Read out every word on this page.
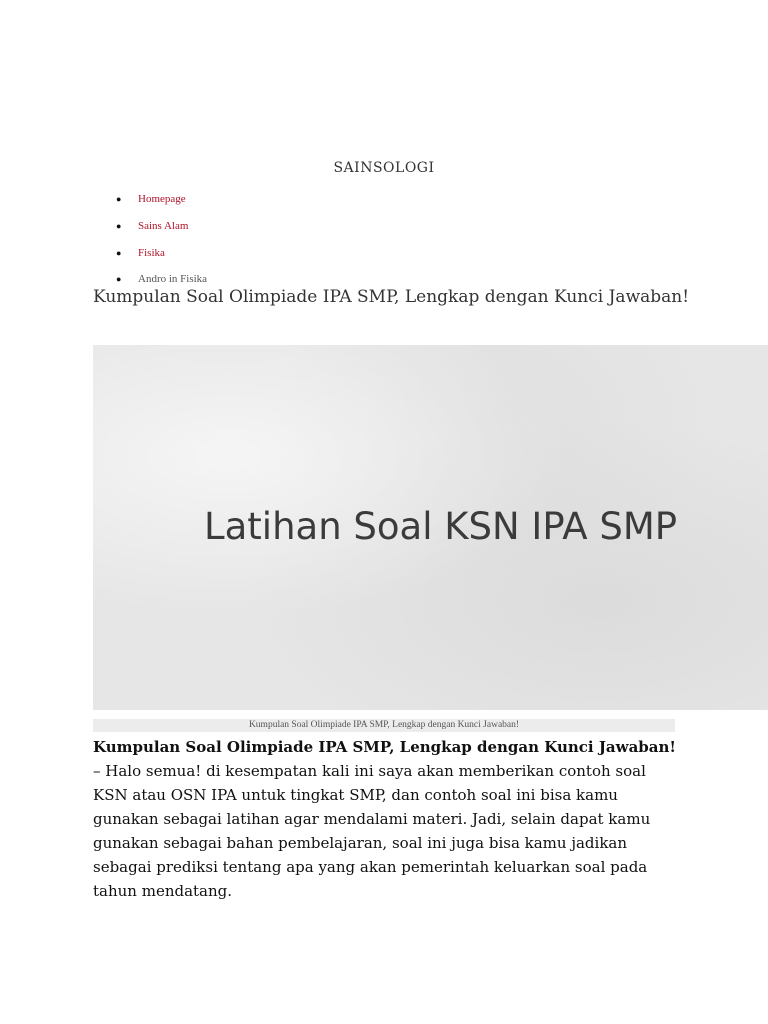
SAINSOLOGI
●	Homepage
●	Sains Alam
●	Fisika
●	Andro in Fisika
Kumpulan Soal Olimpiade IPA SMP, Lengkap dengan Kunci Jawaban!
Latihan Soal KSN IPA SMP
Kumpulan Soal Olimpiade IPA SMP, Lengkap dengan Kunci Jawaban!
Kumpulan Soal Olimpiade IPA SMP, Lengkap dengan Kunci Jawaban! – Halo semua! di kesempatan kali ini saya akan memberikan contoh soal KSN atau OSN IPA untuk tingkat SMP, dan contoh soal ini bisa kamu gunakan sebagai latihan agar mendalami materi. Jadi, selain dapat kamu gunakan sebagai bahan pembelajaran, soal ini juga bisa kamu jadikan sebagai prediksi tentang apa yang akan pemerintah keluarkan soal pada tahun mendatang.
